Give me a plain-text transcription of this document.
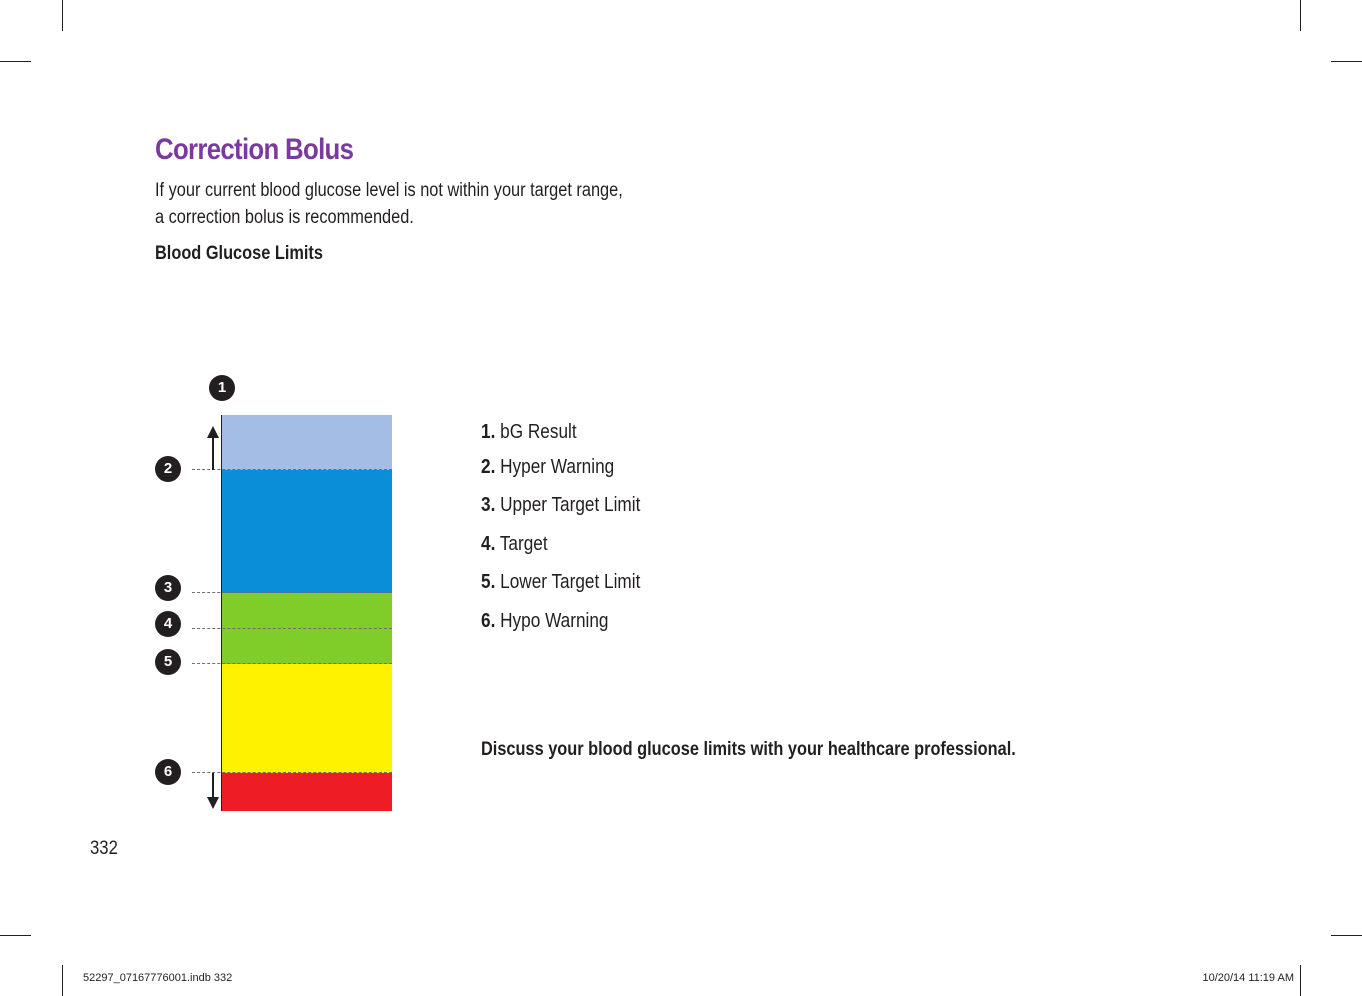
Correction Bolus
If your current blood glucose level is not within your target range,
a correction bolus is recommended.
Blood Glucose Limits
1
2
3
4
5
6
1. bG Result
2. Hyper Warning
3. Upper Target Limit
4. Target
5. Lower Target Limit
6. Hypo Warning
Discuss your blood glucose limits with your healthcare professional.
332
52297_07167776001.indb 332	10/20/14 11:19 AM
